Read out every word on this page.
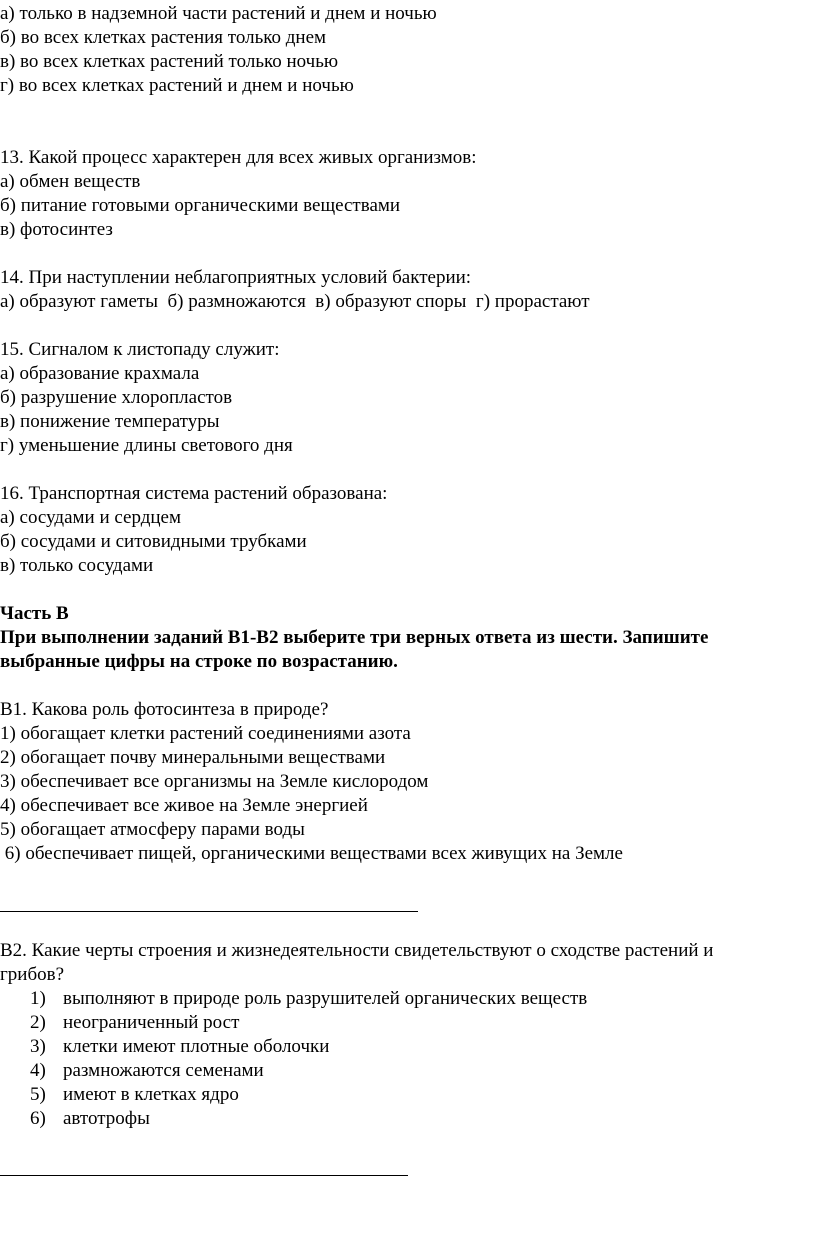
а) только в надземной части растений и днем и ночью
б) во всех клетках растения только днем
в) во всех клетках растений только ночью
г) во всех клетках растений и днем и ночью
13. Какой процесс характерен для всех живых организмов:
а) обмен веществ
б) питание готовыми органическими веществами
в) фотосинтез
14. При наступлении неблагоприятных условий бактерии:
а) образуют гаметы  б) размножаются  в) образуют споры  г) прорастают
15. Сигналом к листопаду служит:
а) образование крахмала
б) разрушение хлоропластов
в) понижение температуры
г) уменьшение длины светового дня
16. Транспортная система растений образована:
а) сосудами и сердцем
б) сосудами и ситовидными трубками
в) только сосудами
Часть В
При выполнении заданий В1-В2 выберите три верных ответа из шести. Запишите
выбранные цифры на строке по возрастанию.
В1. Какова роль фотосинтеза в природе?
1) обогащает клетки растений соединениями азота
2) обогащает почву минеральными веществами
3) обеспечивает все организмы на Земле кислородом
4) обеспечивает все живое на Земле энергией
5) обогащает атмосферу парами воды
6) обеспечивает пищей, органическими веществами всех живущих на Земле
В2. Какие черты строения и жизнедеятельности свидетельствуют о сходстве растений и
грибов?
1) выполняют в природе роль разрушителей органических веществ
2) неограниченный рост
3) клетки имеют плотные оболочки
4) размножаются семенами
5) имеют в клетках ядро
6) автотрофы
